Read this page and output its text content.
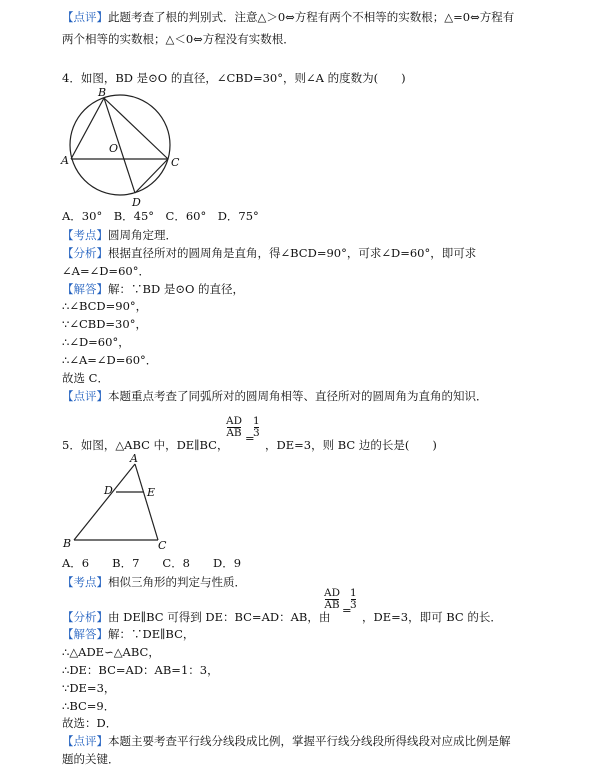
【点评】此题考查了根的判别式．注意△＞0⇔方程有两个不相等的实数根；△=0⇔方程有
两个相等的实数根；△＜0⇔方程没有实数根．
4．如图，BD 是⊙O 的直径，∠CBD=30°，则∠A 的度数为(　　)
B
O
A	C
D
A．30°　B．45°　C．60°　D．75°
【考点】圆周角定理．
【分析】根据直径所对的圆周角是直角，得∠BCD=90°，可求∠D=60°，即可求
∠A=∠D=60°．
【解答】解：∵BD 是⊙O 的直径，
∴∠BCD=90°，
∵∠CBD=30°，
∴∠D=60°，
∴∠A=∠D=60°．
故选 C．
【点评】本题重点考查了同弧所对的圆周角相等、直径所对的圆周角为直角的知识．
5．如图，△ABC 中，DE∥BC，
AD
AB =
1
3
，DE=3，则 BC 边的长是(　　)
A
D	E
B	C
A．6　　B．7　　C．8　　D．9
【考点】相似三角形的判定与性质．
【分析】由 DE∥BC 可得到 DE：BC=AD：AB，由
AD
AB =
1
3
，DE=3，即可 BC 的长．
【解答】解：∵DE∥BC，
∴△ADE∽△ABC，
∴DE：BC=AD：AB=1：3，
∵DE=3，
∴BC=9．
故选：D．
【点评】本题主要考查平行线分线段成比例，掌握平行线分线段所得线段对应成比例是解
题的关键．
